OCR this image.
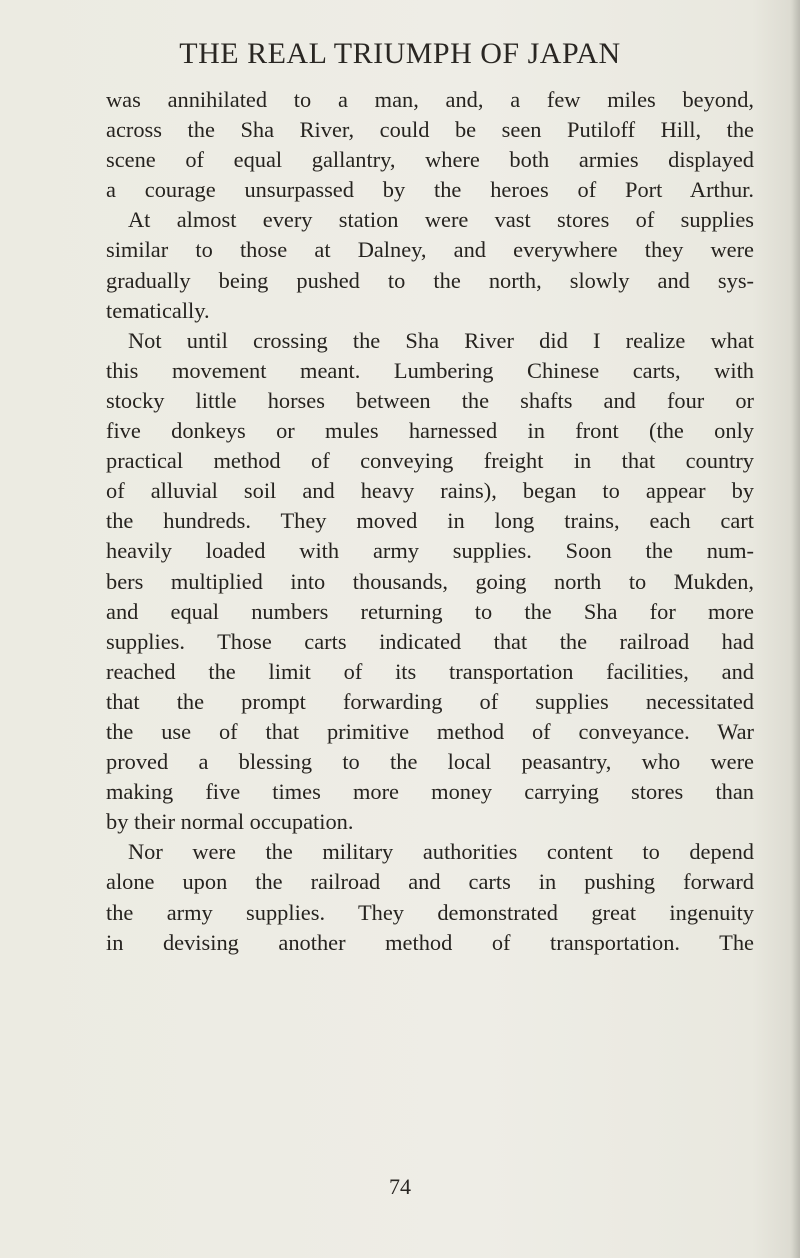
THE REAL TRIUMPH OF JAPAN
was annihilated to a man, and, a few miles beyond,
across the Sha River, could be seen Putiloff Hill, the
scene of equal gallantry, where both armies displayed
a courage unsurpassed by the heroes of Port Arthur.
At almost every station were vast stores of supplies
similar to those at Dalney, and everywhere they were
gradually being pushed to the north, slowly and sys-
tematically.
Not until crossing the Sha River did I realize what
this movement meant. Lumbering Chinese carts, with
stocky little horses between the shafts and four or
five donkeys or mules harnessed in front (the only
practical method of conveying freight in that country
of alluvial soil and heavy rains), began to appear by
the hundreds. They moved in long trains, each cart
heavily loaded with army supplies. Soon the num-
bers multiplied into thousands, going north to Mukden,
and equal numbers returning to the Sha for more
supplies. Those carts indicated that the railroad had
reached the limit of its transportation facilities, and
that the prompt forwarding of supplies necessitated
the use of that primitive method of conveyance. War
proved a blessing to the local peasantry, who were
making five times more money carrying stores than
by their normal occupation.
Nor were the military authorities content to depend
alone upon the railroad and carts in pushing forward
the army supplies. They demonstrated great ingenuity
in devising another method of transportation. The
74
